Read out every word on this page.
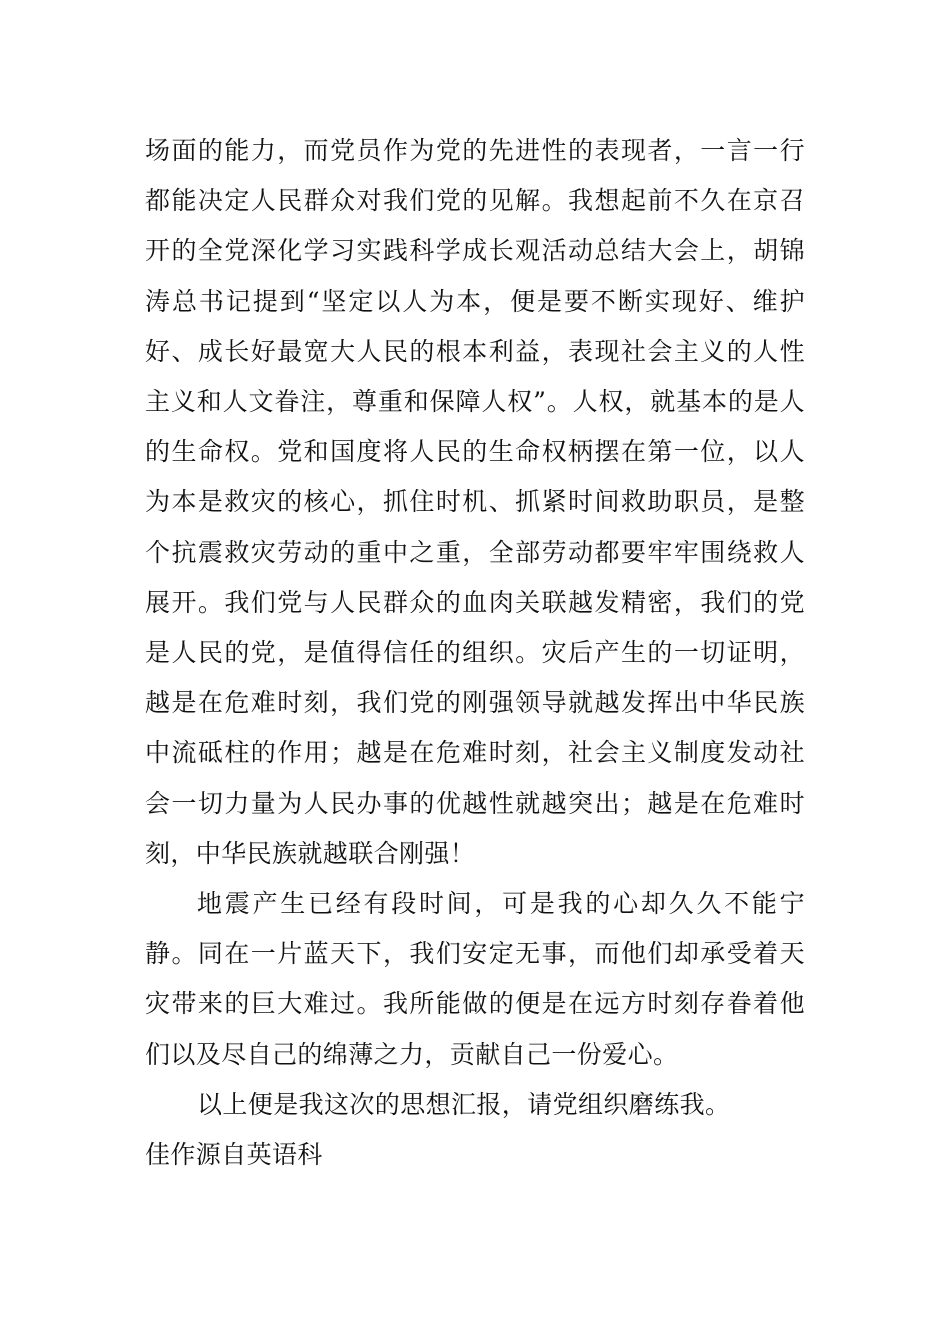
场面的能力，而党员作为党的先进性的表现者，一言一行都能决定人民群众对我们党的见解。我想起前不久在京召开的全党深化学习实践科学成长观活动总结大会上，胡锦涛总书记提到“坚定以人为本，便是要不断实现好、维护好、成长好最宽大人民的根本利益，表现社会主义的人性主义和人文眷注，尊重和保障人权”。人权，就基本的是人的生命权。党和国度将人民的生命权柄摆在第一位，以人为本是救灾的核心，抓住时机、抓紧时间救助职员，是整个抗震救灾劳动的重中之重，全部劳动都要牢牢围绕救人展开。我们党与人民群众的血肉关联越发精密，我们的党是人民的党，是值得信任的组织。灾后产生的一切证明，越是在危难时刻，我们党的刚强领导就越发挥出中华民族中流砥柱的作用；越是在危难时刻，社会主义制度发动社会一切力量为人民办事的优越性就越突出；越是在危难时刻，中华民族就越联合刚强！

地震产生已经有段时间，可是我的心却久久不能宁静。同在一片蓝天下，我们安定无事，而他们却承受着天灾带来的巨大难过。我所能做的便是在远方时刻存眷着他们以及尽自己的绵薄之力，贡献自己一份爱心。

以上便是我这次的思想汇报，请党组织磨练我。

佳作源自英语科
